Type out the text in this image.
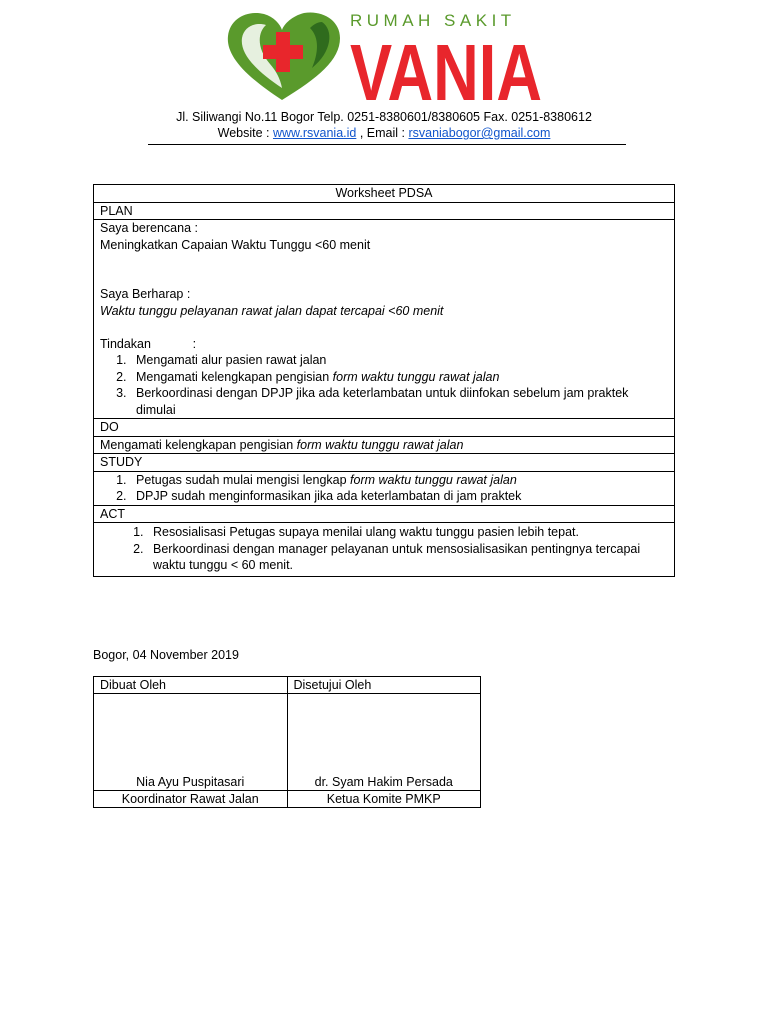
RUMAH SAKIT
VANIA
Jl. Siliwangi No.11 Bogor Telp. 0251-8380601/8380605 Fax. 0251-8380612
Website : www.rsvania.id , Email : rsvaniabogor@gmail.com
Worksheet PDSA
PLAN

Saya berencana :
Meningkatkan Capaian Waktu Tunggu <60 menit
Saya Berharap :
Waktu tunggu pelayanan rawat jalan dapat tercapai <60 menit
Tindakan            :
1. Mengamati alur pasien rawat jalan
2. Mengamati kelengkapan pengisian form waktu tunggu rawat jalan
3. Berkoordinasi dengan DPJP jika ada keterlambatan untuk diinfokan sebelum jam praktek dimulai

DO
Mengamati kelengkapan pengisian form waktu tunggu rawat jalan
STUDY

1. Petugas sudah mulai mengisi lengkap form waktu tunggu rawat jalan
2. DPJP sudah menginformasikan jika ada keterlambatan di jam praktek

ACT

1. Resosialisasi Petugas supaya menilai ulang waktu tunggu pasien lebih tepat.
2. Berkoordinasi dengan manager pelayanan untuk mensosialisasikan pentingnya tercapai waktu tunggu < 60 menit.
Bogor, 04 November 2019
Dibuat Oleh	Disetujui Oleh
Nia Ayu Puspitasari	dr. Syam Hakim Persada
Koordinator Rawat Jalan	Ketua Komite PMKP
